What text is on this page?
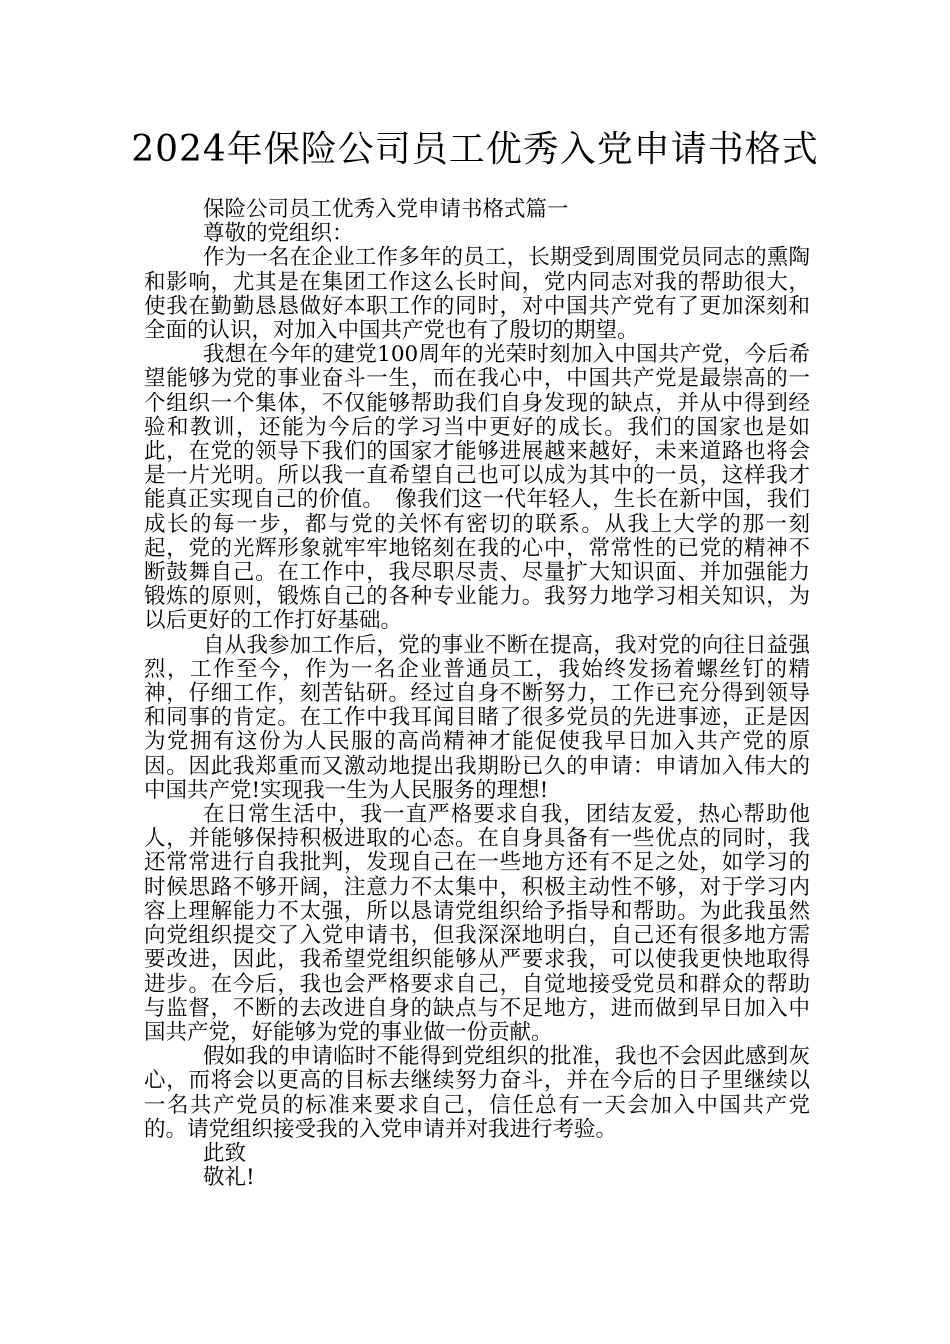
2024年保险公司员工优秀入党申请书格式

保险公司员工优秀入党申请书格式篇一

尊敬的党组织：

作为一名在企业工作多年的员工，长期受到周围党员同志的熏陶和影响，尤其是在集团工作这么长时间，党内同志对我的帮助很大，使我在勤勤恳恳做好本职工作的同时，对中国共产党有了更加深刻和全面的认识，对加入中国共产党也有了殷切的期望。

我想在今年的建党100周年的光荣时刻加入中国共产党，今后希望能够为党的事业奋斗一生，而在我心中，中国共产党是最崇高的一个组织一个集体，不仅能够帮助我们自身发现的缺点，并从中得到经验和教训，还能为今后的学习当中更好的成长。我们的国家也是如此，在党的领导下我们的国家才能够进展越来越好，未来道路也将会是一片光明。所以我一直希望自己也可以成为其中的一员，这样我才能真正实现自己的价值。　像我们这一代年轻人，生长在新中国，我们成长的每一步，都与党的关怀有密切的联系。从我上大学的那一刻起，党的光辉形象就牢牢地铭刻在我的心中，常常性的已党的精神不断鼓舞自己。在工作中，我尽职尽责、尽量扩大知识面、并加强能力锻炼的原则，锻炼自己的各种专业能力。我努力地学习相关知识，为以后更好的工作打好基础。

自从我参加工作后，党的事业不断在提高，我对党的向往日益强烈，工作至今，作为一名企业普通员工，我始终发扬着螺丝钉的精神，仔细工作，刻苦钻研。经过自身不断努力，工作已充分得到领导和同事的肯定。在工作中我耳闻目睹了很多党员的先进事迹，正是因为党拥有这份为人民服的高尚精神才能促使我早日加入共产党的原因。因此我郑重而又激动地提出我期盼已久的申请：申请加入伟大的中国共产党!实现我一生为人民服务的理想!

在日常生活中，我一直严格要求自我，团结友爱，热心帮助他人，并能够保持积极进取的心态。在自身具备有一些优点的同时，我还常常进行自我批判，发现自己在一些地方还有不足之处，如学习的时候思路不够开阔，注意力不太集中，积极主动性不够，对于学习内容上理解能力不太强，所以恳请党组织给予指导和帮助。为此我虽然向党组织提交了入党申请书，但我深深地明白，自己还有很多地方需要改进，因此，我希望党组织能够从严要求我，可以使我更快地取得进步。在今后，我也会严格要求自己，自觉地接受党员和群众的帮助与监督，不断的去改进自身的缺点与不足地方，进而做到早日加入中国共产党，好能够为党的事业做一份贡献。

假如我的申请临时不能得到党组织的批准，我也不会因此感到灰心，而将会以更高的目标去继续努力奋斗，并在今后的日子里继续以一名共产党员的标准来要求自己，信任总有一天会加入中国共产党的。请党组织接受我的入党申请并对我进行考验。

此致

敬礼!
